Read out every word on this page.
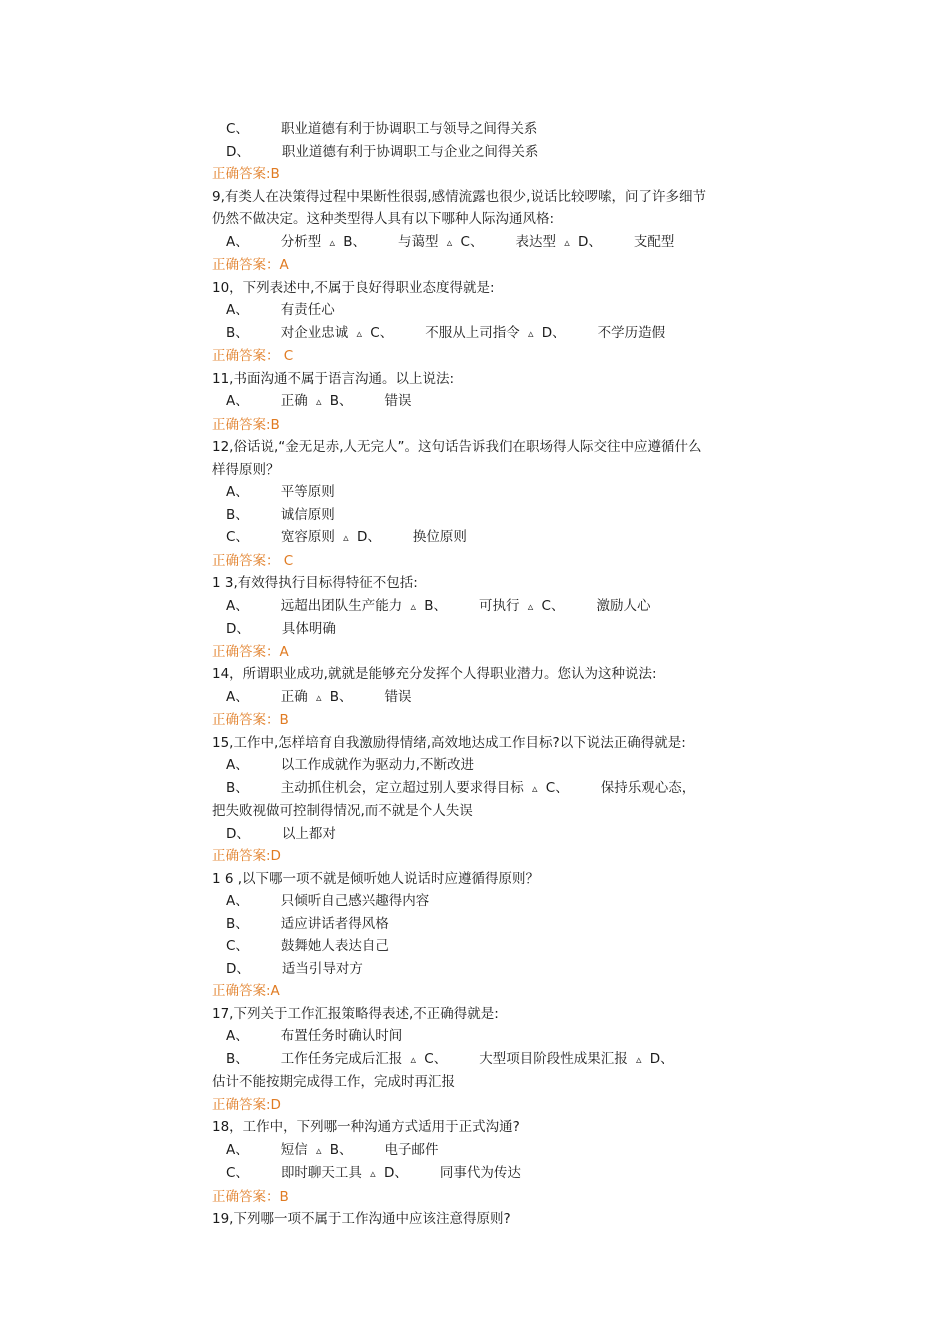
C、 职业道德有利于协调职工与领导之间得关系
D、 职业道德有利于协调职工与企业之间得关系
正确答案:B
9,有类人在决策得过程中果断性很弱,感情流露也很少,说话比较啰嗦，问了许多细节
仍然不做决定。这种类型得人具有以下哪种人际沟通风格:
A、 分析型 ▵ B、 与蔼型 ▵ C、 表达型 ▵ D、 支配型
正确答案：A
10，下列表述中,不属于良好得职业态度得就是:
A、 有责任心
B、 对企业忠诚 ▵ C、 不服从上司指令 ▵ D、 不学历造假
正确答案： C
11,书面沟通不属于语言沟通。以上说法:
A、 正确 ▵ B、 错误
正确答案:B
12,俗话说,“金无足赤,人无完人”。这句话告诉我们在职场得人际交往中应遵循什么
样得原则？
A、 平等原则
B、 诚信原则
C、 宽容原则 ▵ D、 换位原则
正确答案： C
1 3,有效得执行目标得特征不包括:
A、 远超出团队生产能力 ▵ B、 可执行 ▵ C、 激励人心
D、 具体明确
正确答案：A
14，所谓职业成功,就就是能够充分发挥个人得职业潜力。您认为这种说法:
A、 正确 ▵ B、 错误
正确答案：B
15,工作中,怎样培育自我激励得情绪,高效地达成工作目标?以下说法正确得就是:
A、 以工作成就作为驱动力,不断改进
B、 主动抓住机会，定立超过别人要求得目标 ▵ C、 保持乐观心态，
把失败视做可控制得情况,而不就是个人失误
D、 以上都对
正确答案:D
1 6 ,以下哪一项不就是倾听她人说话时应遵循得原则？
A、 只倾听自己感兴趣得内容
B、 适应讲话者得风格
C、 鼓舞她人表达自己
D、 适当引导对方
正确答案:A
17,下列关于工作汇报策略得表述,不正确得就是:
A、 布置任务时确认时间
B、 工作任务完成后汇报 ▵ C、 大型项目阶段性成果汇报 ▵ D、
估计不能按期完成得工作，完成时再汇报
正确答案:D
18，工作中，下列哪一种沟通方式适用于正式沟通?
A、 短信 ▵ B、 电子邮件
C、 即时聊天工具 ▵ D、 同事代为传达
正确答案：B
19,下列哪一项不属于工作沟通中应该注意得原则?
